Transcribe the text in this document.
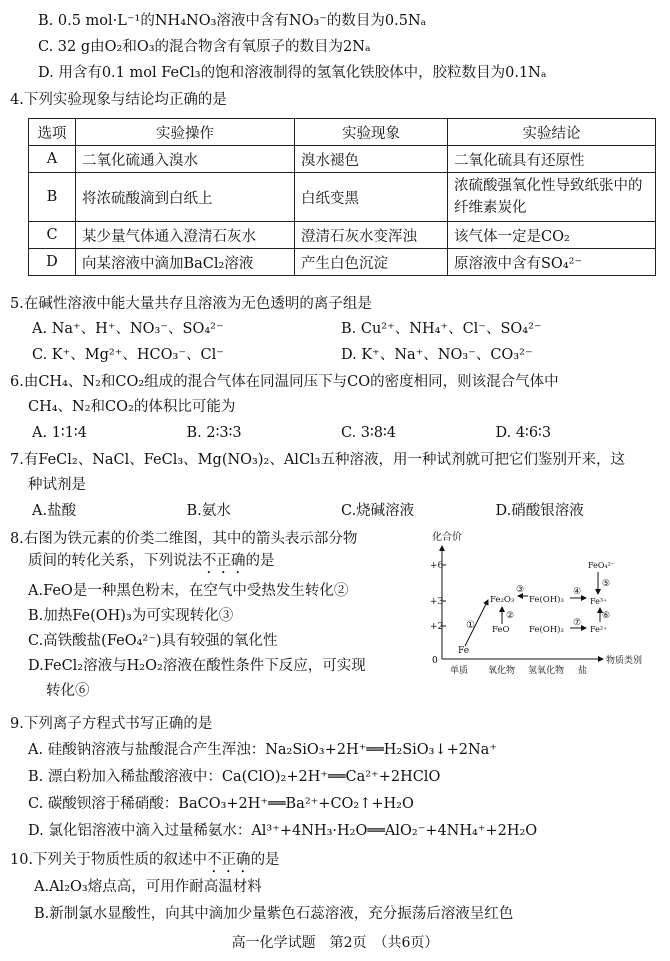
B. 0.5 mol·L⁻¹的NH₄NO₃溶液中含有NO₃⁻的数目为0.5Nₐ
C. 32 g由O₂和O₃的混合物含有氧原子的数目为2Nₐ
D. 用含有0.1 mol FeCl₃的饱和溶液制得的氢氧化铁胶体中，胶粒数目为0.1Nₐ
4.下列实验现象与结论均正确的是
选项	实验操作	实验现象	实验结论
A	二氧化硫通入溴水	溴水褪色	二氧化硫具有还原性
B	将浓硫酸滴到白纸上	白纸变黑	浓硫酸强氧化性导致纸张中的纤维素炭化
C	某少量气体通入澄清石灰水	澄清石灰水变浑浊	该气体一定是CO₂
D	向某溶液中滴加BaCl₂溶液	产生白色沉淀	原溶液中含有SO₄²⁻
5.在碱性溶液中能大量共存且溶液为无色透明的离子组是
A. Na⁺、H⁺、NO₃⁻、SO₄²⁻	B. Cu²⁺、NH₄⁺、Cl⁻、SO₄²⁻
C. K⁺、Mg²⁺、HCO₃⁻、Cl⁻	D. K⁺、Na⁺、NO₃⁻、CO₃²⁻
6.由CH₄、N₂和CO₂组成的混合气体在同温同压下与CO的密度相同，则该混合气体中
CH₄、N₂和CO₂的体积比可能为
A. 1∶1∶4	B. 2∶3∶3	C. 3∶8∶4	D. 4∶6∶3
7.有FeCl₂、NaCl、FeCl₃、Mg(NO₃)₂、AlCl₃五种溶液，用一种试剂就可把它们鉴别开来，这
种试剂是
A.盐酸	B.氨水	C.烧碱溶液	D.硝酸银溶液
8.右图为铁元素的价类二维图，其中的箭头表示部分物
质间的转化关系，下列说法不正确的是
A.FeO是一种黑色粉末，在空气中受热发生转化②
B.加热Fe(OH)₃为可实现转化③
C.高铁酸盐(FeO₄²⁻)具有较强的氧化性
D.FeCl₂溶液与H₂O₂溶液在酸性条件下反应，可实现
转化⑥
化合价
物质类别
+6
+3
+2
0
单质 氧化物 氢氧化物 盐
Fe
Fe₂O₃
FeO
Fe(OH)₃
Fe(OH)₂
FeO₄²⁻
Fe³⁺
Fe²⁺
①
②
③	④
⑤
⑥
⑦
9.下列离子方程式书写正确的是
A. 硅酸钠溶液与盐酸混合产生浑浊：Na₂SiO₃+2H⁺══H₂SiO₃↓+2Na⁺
B. 漂白粉加入稀盐酸溶液中：Ca(ClO)₂+2H⁺══Ca²⁺+2HClO
C. 碳酸钡溶于稀硝酸：BaCO₃+2H⁺══Ba²⁺+CO₂↑+H₂O
D. 氯化铝溶液中滴入过量稀氨水：Al³⁺+4NH₃·H₂O══AlO₂⁻+4NH₄⁺+2H₂O
10.下列关于物质性质的叙述中不正确的是
A.Al₂O₃熔点高，可用作耐高温材料
B.新制氯水显酸性，向其中滴加少量紫色石蕊溶液，充分振荡后溶液呈红色
高一化学试题　第2页　（共6页）
